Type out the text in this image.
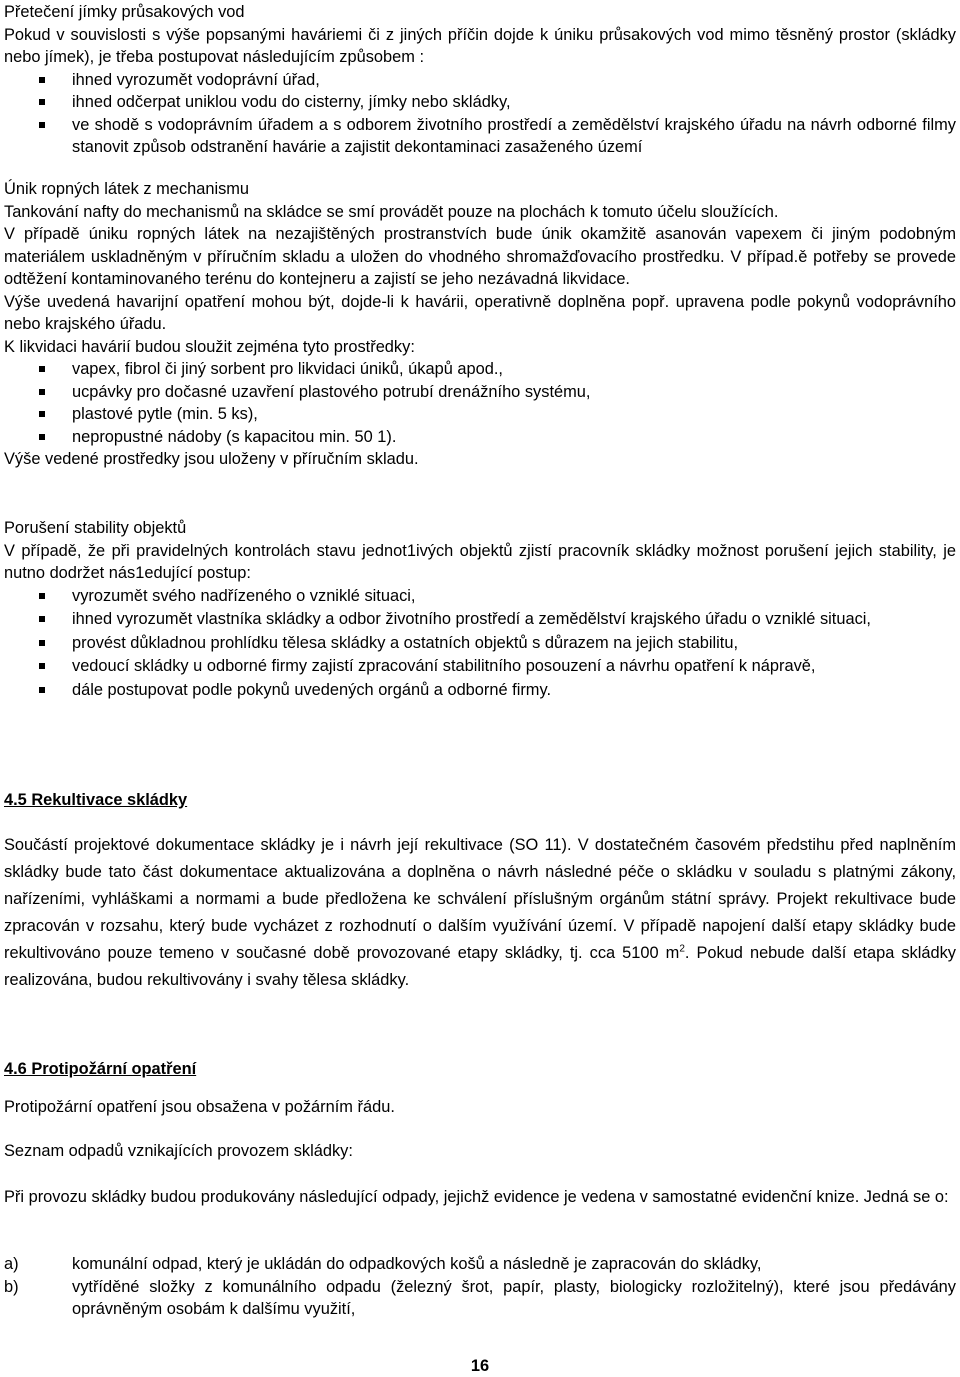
Přetečení jímky průsakových vod

Pokud v souvislosti s výše popsanými haváriemi či z jiných příčin dojde k úniku průsakových vod mimo těsněný prostor (skládky nebo jímek), je třeba postupovat následujícím způsobem :

ihned vyrozumět vodoprávní úřad,
ihned odčerpat uniklou vodu do cisterny, jímky nebo skládky,
ve shodě s vodoprávním úřadem a s odborem životního prostředí a zemědělství krajského úřadu na návrh odborné filmy stanovit způsob odstranění havárie a zajistit dekontaminaci zasaženého území

Únik ropných látek z mechanismu

Tankování nafty do mechanismů na skládce se smí provádět pouze na plochách k tomuto účelu sloužících.

V případě úniku ropných látek na nezajištěných prostranstvích bude únik okamžitě asanován vapexem či jiným podobným materiálem uskladněným v příručním skladu a uložen do vhodného shromažďovacího prostředku. V případ.ě potřeby se provede odtěžení kontaminovaného terénu do kontejneru a zajistí se jeho nezávadná likvidace.

Výše uvedená havarijní opatření mohou být, dojde-li k havárii, operativně doplněna popř. upravena podle pokynů vodoprávního nebo krajského úřadu.

K likvidaci havárií budou sloužit zejména tyto prostředky:

vapex, fibrol či jiný sorbent pro likvidaci úniků, úkapů apod.,
ucpávky pro dočasné uzavření plastového potrubí drenážního systému,
plastové pytle (min. 5 ks),
nepropustné nádoby (s kapacitou min. 50 1).

Výše vedené prostředky jsou uloženy v příručním skladu.

Porušení stability objektů

V případě, že při pravidelných kontrolách stavu jednot1ivých objektů zjistí pracovník skládky možnost porušení jejich stability, je nutno dodržet nás1edující postup:

vyrozumět svého nadřízeného o vzniklé situaci,
ihned vyrozumět vlastníka skládky a odbor životního prostředí a zemědělství krajského úřadu o vzniklé situaci,
provést důkladnou prohlídku tělesa skládky a ostatních objektů s důrazem na jejich stabilitu,
vedoucí skládky u odborné firmy zajistí zpracování stabilitního posouzení a návrhu opatření k nápravě,
dále postupovat podle pokynů uvedených orgánů a odborné firmy.
4.5 Rekultivace skládky

Součástí projektové dokumentace skládky je i návrh její rekultivace (SO 11). V dostatečném časovém předstihu před naplněním skládky bude tato část dokumentace aktualizována a doplněna o návrh následné péče o skládku v souladu s platnými zákony, nařízeními, vyhláškami a normami a bude předložena ke schválení příslušným orgánům státní správy. Projekt rekultivace bude zpracován v rozsahu, který bude vycházet z rozhodnutí o dalším využívání území. V případě napojení další etapy skládky bude rekultivováno pouze temeno v současné době provozované etapy skládky, tj. cca 5100 $m^2$. Pokud nebude další etapa skládky realizována, budou rekultivovány i svahy tělesa skládky.

4.6 Protipožární opatření

Protipožární opatření jsou obsažena v požárním řádu.

Seznam odpadů vznikajících provozem skládky:

Při provozu skládky budou produkovány následující odpady, jejichž evidence je vedena v samostatné evidenční knize. Jedná se o:

a)	komunální odpad, který je ukládán do odpadkových košů a následně je zapracován do skládky,
b)	vytříděné složky z komunálního odpadu (železný šrot, papír, plasty, biologicky rozložitelný), které jsou předávány oprávněným osobám k dalšímu využití,
16
